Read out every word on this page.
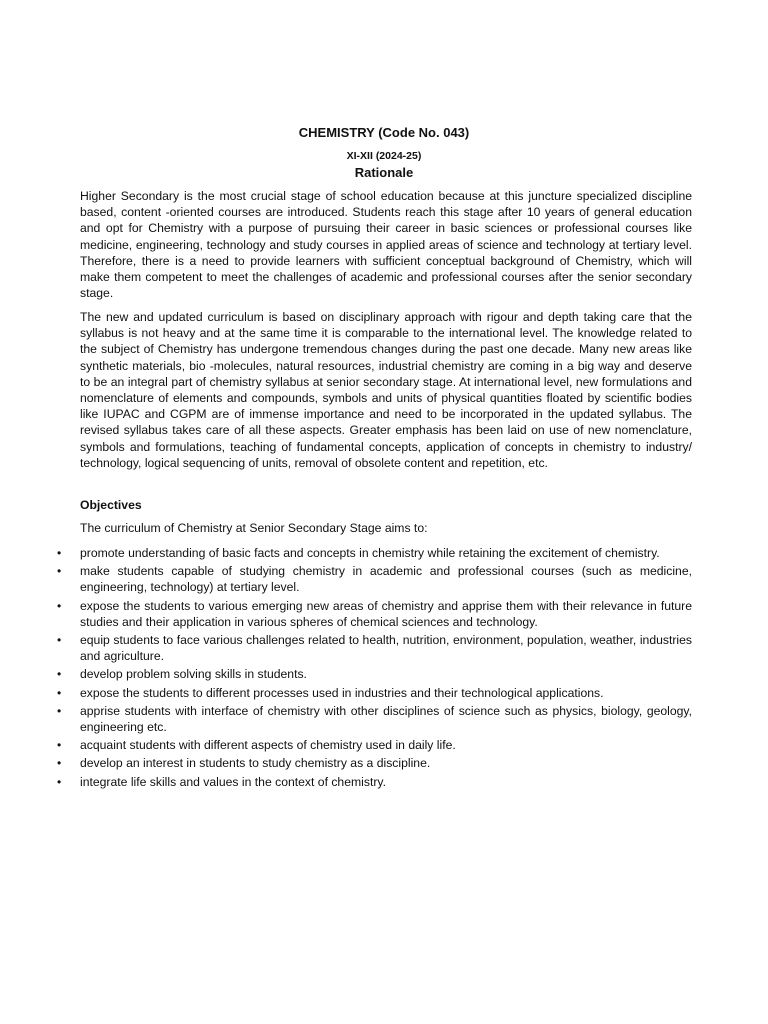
CHEMISTRY (Code No. 043)
XI-XII (2024-25)
Rationale

Higher Secondary is the most crucial stage of school education because at this juncture specialized discipline based, content -oriented courses are introduced. Students reach this stage after 10 years of general education and opt for Chemistry with a purpose of pursuing their career in basic sciences or professional courses like medicine, engineering, technology and study courses in applied areas of science and technology at tertiary level. Therefore, there is a need to provide learners with sufficient conceptual background of Chemistry, which will make them competent to meet the challenges of academic and professional courses after the senior secondary stage.

The new and updated curriculum is based on disciplinary approach with rigour and depth taking care that the syllabus is not heavy and at the same time it is comparable to the international level. The knowledge related to the subject of Chemistry has undergone tremendous changes during the past one decade. Many new areas like synthetic materials, bio -molecules, natural resources, industrial chemistry are coming in a big way and deserve to be an integral part of chemistry syllabus at senior secondary stage. At international level, new formulations and nomenclature of elements and compounds, symbols and units of physical quantities floated by scientific bodies like IUPAC and CGPM are of immense importance and need to be incorporated in the updated syllabus. The revised syllabus takes care of all these aspects. Greater emphasis has been laid on use of new nomenclature, symbols and formulations, teaching of fundamental concepts, application of concepts in chemistry to industry/ technology, logical sequencing of units, removal of obsolete content and repetition, etc.

Objectives
The curriculum of Chemistry at Senior Secondary Stage aims to:
• promote understanding of basic facts and concepts in chemistry while retaining the excitement of chemistry.
• make students capable of studying chemistry in academic and professional courses (such as medicine, engineering, technology) at tertiary level.
• expose the students to various emerging new areas of chemistry and apprise them with their relevance in future studies and their application in various spheres of chemical sciences and technology.
• equip students to face various challenges related to health, nutrition, environment, population, weather, industries and agriculture.
• develop problem solving skills in students.
• expose the students to different processes used in industries and their technological applications.
• apprise students with interface of chemistry with other disciplines of science such as physics, biology, geology, engineering etc.
• acquaint students with different aspects of chemistry used in daily life.
• develop an interest in students to study chemistry as a discipline.
• integrate life skills and values in the context of chemistry.
